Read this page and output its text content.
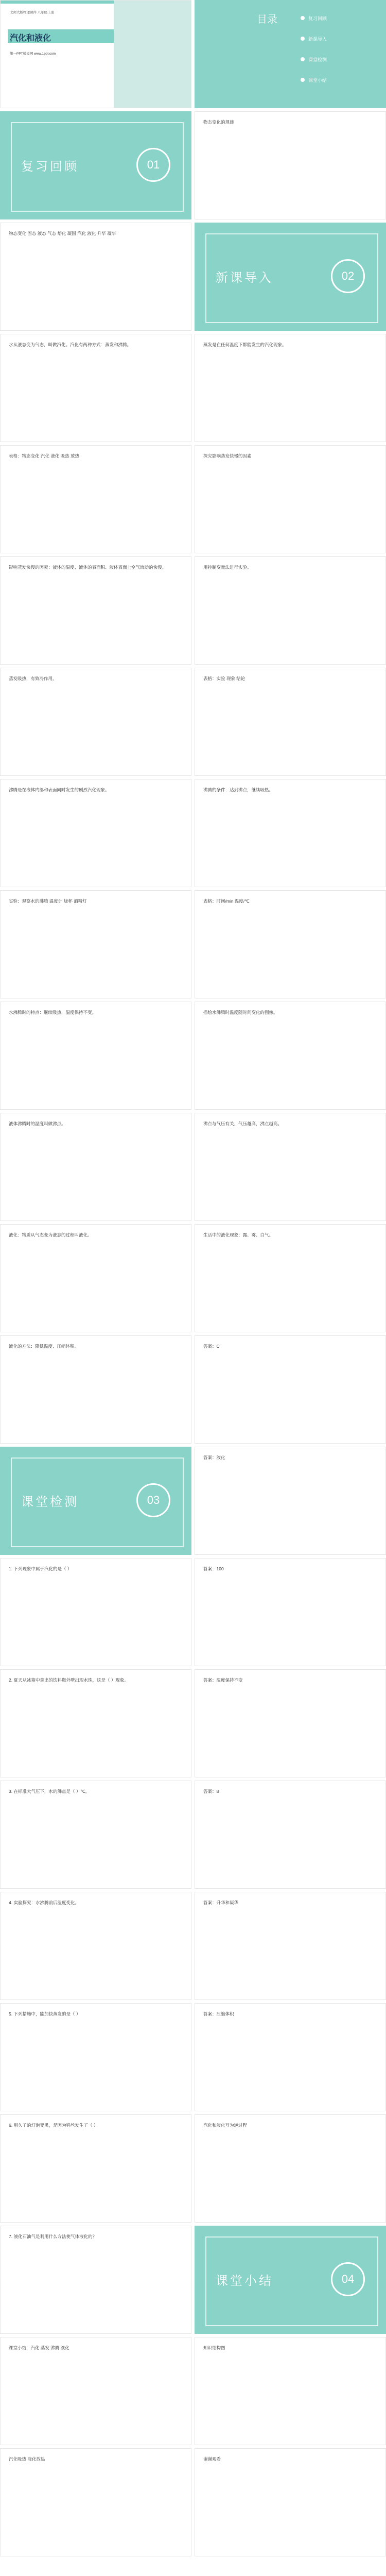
北师大版物理课件 八年级上册
汽化和液化
第一PPT模板网 www.1ppt.com
复习回顾	01
物态变化 固态 液态 气态 熔化 凝固 汽化 液化 升华 凝华
水从液态变为气态，叫做汽化。汽化有两种方式：蒸发和沸腾。
表格：物态变化 汽化 液化 吸热 放热
影响蒸发快慢的因素：液体的温度、液体的表面积、液体表面上空气流动的快慢。
蒸发吸热，有致冷作用。
沸腾是在液体内部和表面同时发生的剧烈汽化现象。
实验：观察水的沸腾 温度计 烧杯 酒精灯
水沸腾时的特点：继续吸热，温度保持不变。
液体沸腾时的温度叫做沸点。
液化：物质从气态变为液态的过程叫液化。
液化的方法：降低温度、压缩体积。
课堂检测	03
1. 下列现象中属于汽化的是（ ）
2. 夏天从冰箱中拿出的饮料瓶外壁出现水珠，这是（ ）现象。
3. 在标准大气压下，水的沸点是（ ）℃。
4. 实验探究：水沸腾前后温度变化。
5. 下列措施中，能加快蒸发的是（ ）
6. 用久了的灯泡变黑，是因为钨丝发生了（ ）
7. 液化石油气是利用什么方法使气体液化的？
课堂小结：汽化 蒸发 沸腾 液化
汽化吸热 液化放热
目录	复习回顾
新课导入
课堂检测
课堂小结
物态变化的规律
新课导入	02
蒸发是在任何温度下都能发生的汽化现象。
探究影响蒸发快慢的因素
用控制变量法进行实验。
表格：实验 现象 结论
沸腾的条件：达到沸点，继续吸热。
表格：时间/min 温度/℃
描绘水沸腾时温度随时间变化的图像。
沸点与气压有关，气压越高，沸点越高。
生活中的液化现象：露、雾、白气。
答案：C
答案：液化
答案：100
答案：温度保持不变
答案：B
答案：升华和凝华
答案：压缩体积
汽化和液化互为逆过程
课堂小结	04
知识结构图
谢谢观看
